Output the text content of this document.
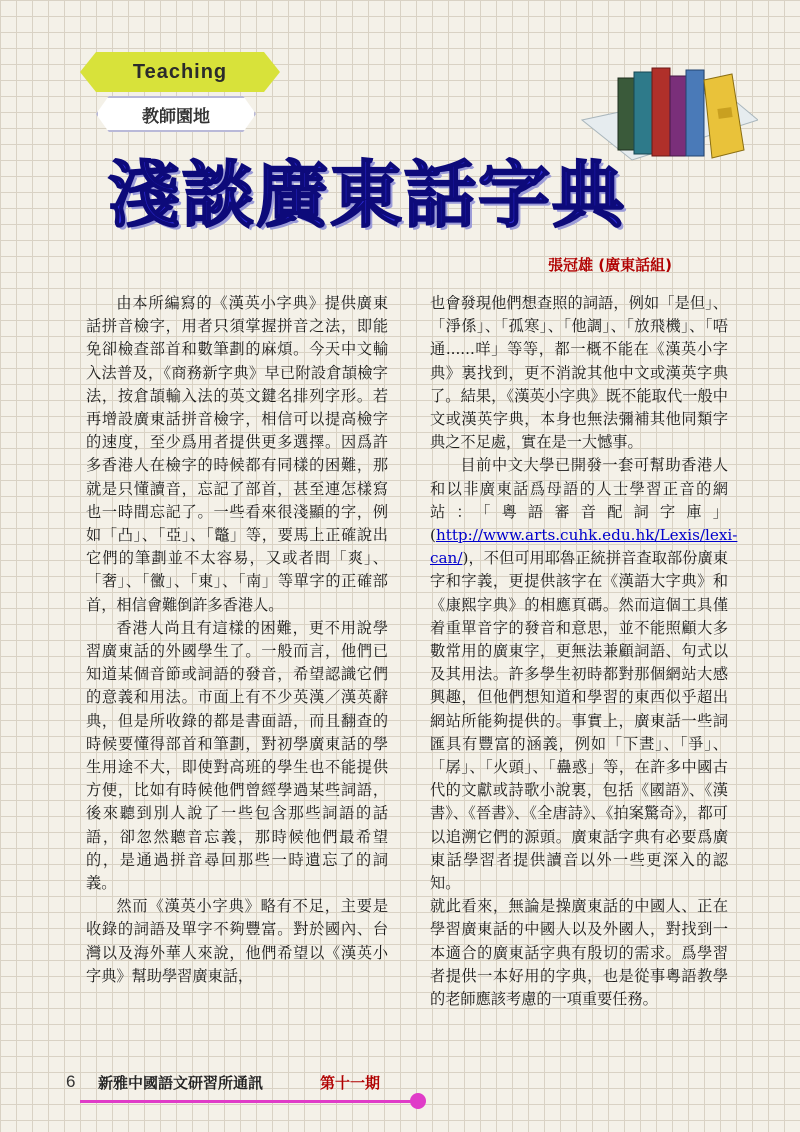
Teaching
教師園地
淺談廣東話字典
張冠雄 (廣東話組)

由本所編寫的《漢英小字典》提供廣東話拼音檢字，用者只須掌握拼音之法，即能免卻檢查部首和數筆劃的麻煩。今天中文輸入法普及，《商務新字典》早已附設倉頡檢字法，按倉頡輸入法的英文鍵名排列字形。若再增設廣東話拼音檢字，相信可以提高檢字的速度，至少爲用者提供更多選擇。因爲許多香港人在檢字的時候都有同樣的困難，那就是只懂讀音，忘記了部首，甚至連怎樣寫也一時間忘記了。一些看來很淺顯的字，例如「凸」、「亞」、「鼈」等，要馬上正確說出它們的筆劃並不太容易，又或者問「爽」、「奢」、「黴」、「東」、「南」等單字的正確部首，相信會難倒許多香港人。

香港人尚且有這樣的困難，更不用說學習廣東話的外國學生了。一般而言，他們已知道某個音節或詞語的發音，希望認識它們的意義和用法。市面上有不少英漢／漢英辭典，但是所收錄的都是書面語，而且翻查的時候要懂得部首和筆劃，對初學廣東話的學生用途不大，即使對高班的學生也不能提供方便，比如有時候他們曾經學過某些詞語，後來聽到別人說了一些包含那些詞語的話語，卻忽然聽音忘義，那時候他們最希望的，是通過拼音尋回那些一時遺忘了的詞義。

然而《漢英小字典》略有不足，主要是收錄的詞語及單字不夠豐富。對於國內、台灣以及海外華人來說，他們希望以《漢英小字典》幫助學習廣東話，

也會發現他們想查照的詞語，例如「是但」、「淨係」、「孤寒」、「他調」、「放飛機」、「唔通......咩」等等，都一概不能在《漢英小字典》裏找到，更不消說其他中文或漢英字典了。結果，《漢英小字典》既不能取代一般中文或漢英字典，本身也無法彌補其他同類字典之不足處，實在是一大憾事。

目前中文大學已開發一套可幫助香港人和以非廣東話爲母語的人士學習正音的網站：「粵語審音配詞字庫」(http://www.arts.cuhk.edu.hk/Lexis/lexi-can/)，不但可用耶魯正統拼音查取部份廣東字和字義，更提供該字在《漢語大字典》和《康熙字典》的相應頁碼。然而這個工具僅着重單音字的發音和意思，並不能照顧大多數常用的廣東字，更無法兼顧詞語、句式以及其用法。許多學生初時都對那個網站大感興趣，但他們想知道和學習的東西似乎超出網站所能夠提供的。事實上，廣東話一些詞匯具有豐富的涵義，例如「下晝」、「爭」、「孱」、「火頭」、「蠱惑」等，在許多中國古代的文獻或詩歌小說裏，包括《國語》、《漢書》、《晉書》、《全唐詩》、《拍案驚奇》，都可以追溯它們的源頭。廣東話字典有必要爲廣東話學習者提供讀音以外一些更深入的認知。

就此看來，無論是操廣東話的中國人、正在學習廣東話的中國人以及外國人，對找到一本適合的廣東話字典有殷切的需求。爲學習者提供一本好用的字典，也是從事粵語教學的老師應該考慮的一項重要任務。

6	新雅中國語文研習所通訊	第十一期
